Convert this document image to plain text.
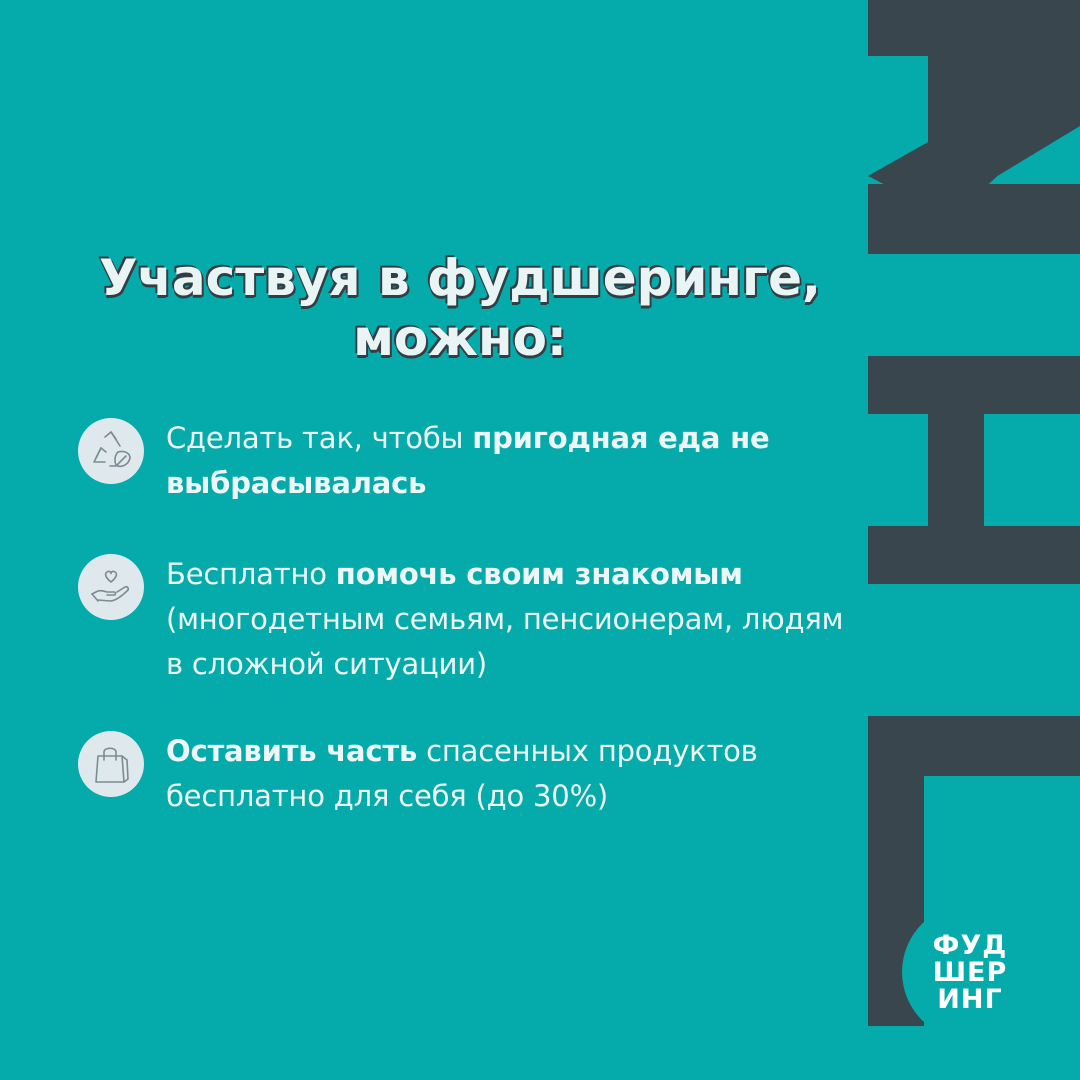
Участвуя в фудшеринге,
можно:
Сделать так, чтобы пригодная еда не выбрасывалась
Бесплатно помочь своим знакомым (многодетным семьям, пенсионерам, людям в сложной ситуации)
Оставить часть спасенных продуктов бесплатно для себя (до 30%)
ФУД
ШЕР
ИНГ
